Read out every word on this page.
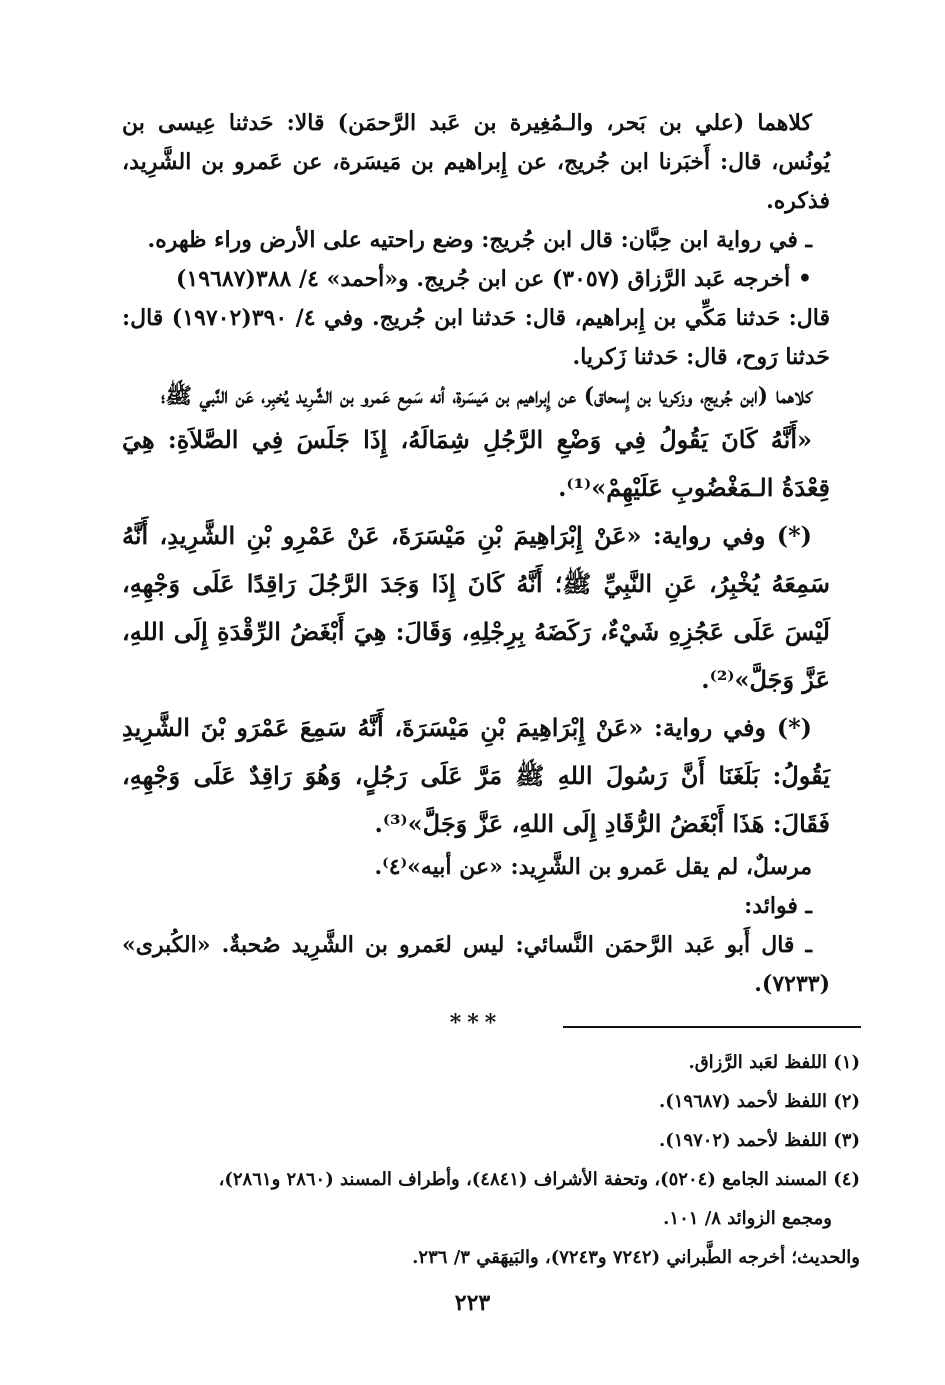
كلاهما (علي بن بَحر، والـمُغِيرة بن عَبد الرَّحمَن) قالا: حَدثنا عِيسى بن يُونُس، قال: أَخبَرنا ابن جُريج، عن إِبراهيم بن مَيسَرة، عن عَمرو بن الشَّرِيد، فذكره.

ـ في رواية ابن حِبَّان: قال ابن جُريج: وضع راحتيه على الأرض وراء ظهره.

• أخرجه عَبد الرَّزاق (٣٠٥٧) عن ابن جُريج. و«أحمد» ٤/ ٣٨٨(١٩٦٨٧)

قال: حَدثنا مَكِّي بن إِبراهيم، قال: حَدثنا ابن جُريج. وفي ٤/ ٣٩٠(١٩٧٠٢) قال: حَدثنا رَوح، قال: حَدثنا زَكريا.

كلاهما (ابن جُريج، وزكريا بن إِسحاق) عن إِبراهيم بن مَيسَرة، أنه سَمِع عَمرو بن الشَّرِيد يُخبِر، عَن النَّبي ﷺ؛

«أَنَّهُ كَانَ يَقُولُ فِي وَضْعِ الرَّجُلِ شِمَالَهُ، إِذَا جَلَسَ فِي الصَّلاَةِ: هِيَ قِعْدَةُ الـمَغْضُوبِ عَلَيْهِمْ»⁽¹⁾.

(*) وفي رواية: «عَنْ إِبْرَاهِيمَ بْنِ مَيْسَرَةَ، عَنْ عَمْرِو بْنِ الشَّرِيدِ، أَنَّهُ سَمِعَهُ يُخْبِرُ، عَنِ النَّبِيِّ ﷺ؛ أَنَّهُ كَانَ إِذَا وَجَدَ الرَّجُلَ رَاقِدًا عَلَى وَجْهِهِ، لَيْسَ عَلَى عَجُزِهِ شَيْءٌ، رَكَضَهُ بِرِجْلِهِ، وَقَالَ: هِيَ أَبْغَضُ الرِّقْدَةِ إِلَى اللهِ، عَزَّ وَجَلَّ»⁽²⁾.

(*) وفي رواية: «عَنْ إِبْرَاهِيمَ بْنِ مَيْسَرَةَ، أَنَّهُ سَمِعَ عَمْرَو بْنَ الشَّرِيدِ يَقُولُ: بَلَغَنَا أَنَّ رَسُولَ اللهِ ﷺ مَرَّ عَلَى رَجُلٍ، وَهُوَ رَاقِدٌ عَلَى وَجْهِهِ، فَقَالَ: هَذَا أَبْغَضُ الرُّقَادِ إِلَى اللهِ، عَزَّ وَجَلَّ»⁽³⁾.

مرسلٌ، لم يقل عَمرو بن الشَّرِيد: «عن أبيه»⁽٤⁾.

ـ فوائد:

ـ قال أَبو عَبد الرَّحمَن النَّسائي: ليس لعَمرو بن الشَّرِيد صُحبةٌ. «الكُبرى» (٧٢٣٣).

***

(١) اللفظ لعَبد الرَّزاق.

(٢) اللفظ لأحمد (١٩٦٨٧).

(٣) اللفظ لأحمد (١٩٧٠٢).

(٤) المسند الجامع (٥٢٠٤)، وتحفة الأشراف (٤٨٤١)، وأطراف المسند (٢٨٦٠ و٢٨٦١)،

ومجمع الزوائد ٨/ ١٠١.

والحديث؛ أخرجه الطَّبراني (٧٢٤٢ و٧٢٤٣)، والبَيهَقي ٣/ ٢٣٦.

٢٢٣
